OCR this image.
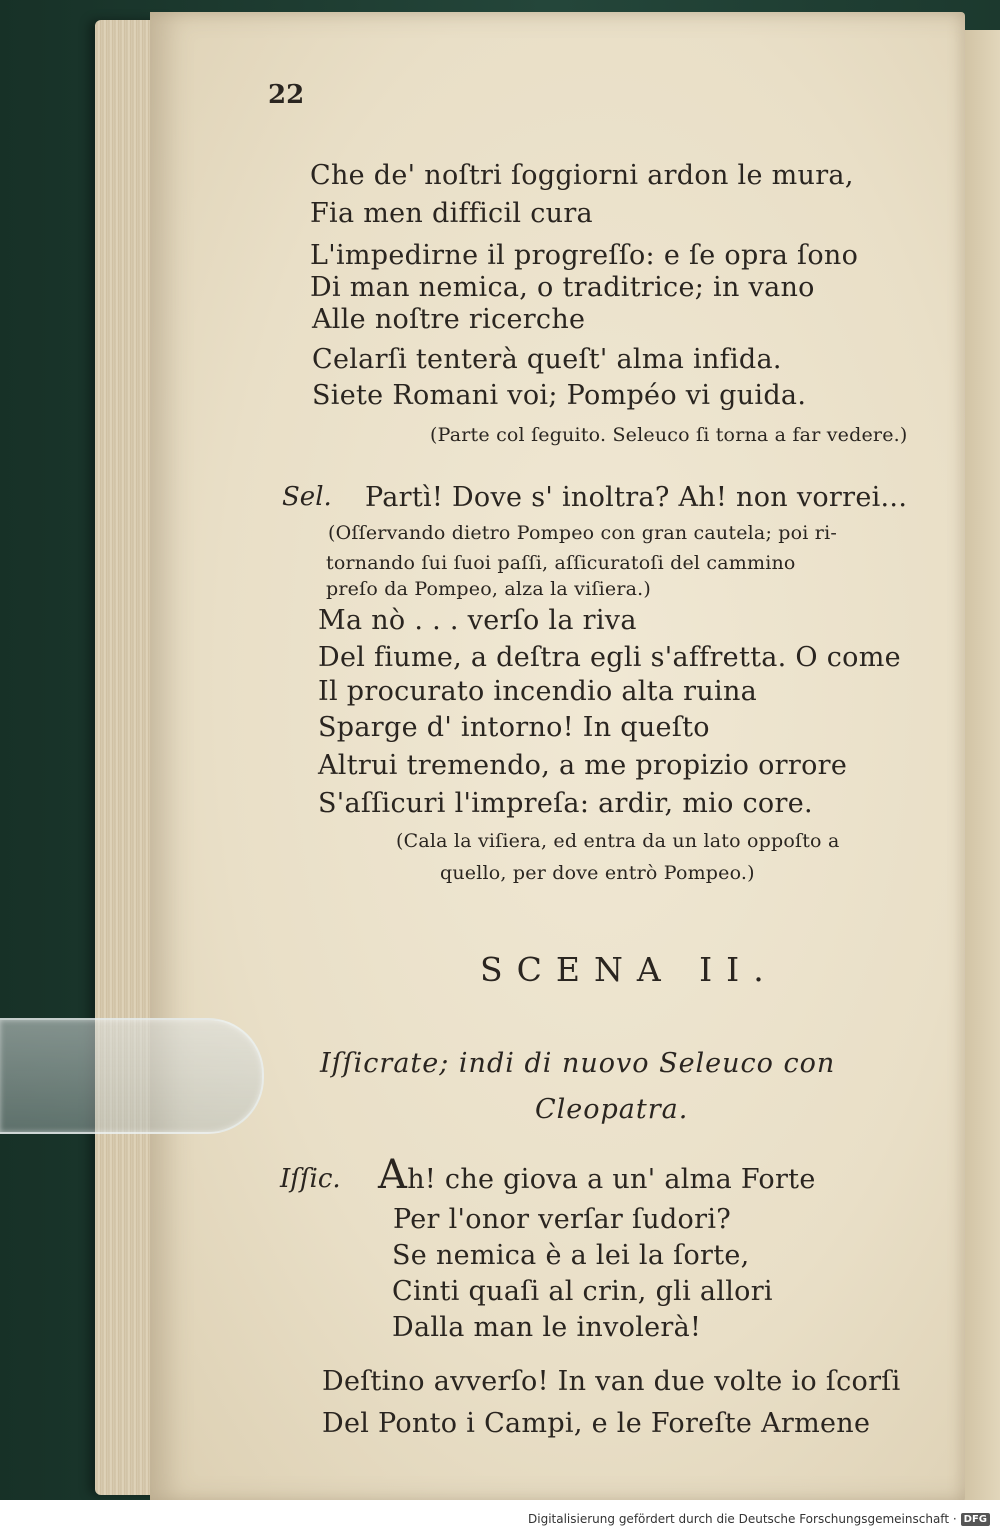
22
Che de' noſtri ſoggiorni ardon le mura,
Fia men difficil cura
L'impedirne il progreſſo: e ſe opra ſono
Di man nemica, o traditrice; in vano
Alle noſtre ricerche
Celarſi tenterà queſt' alma infida.
Siete Romani voi; Pompéo vi guida.
(Parte col ſeguito. Seleuco ſi torna a far vedere.)
Sel. Partì! Dove s' inoltra? Ah! non vorrei...
(Oſſervando dietro Pompeo con gran cautela; poi ri-
tornando ſui ſuoi paſſi, aſſicuratoſi del cammino
preſo da Pompeo, alza la viſiera.)
Ma nò . . . verſo la riva
Del fiume, a deſtra egli s'affretta. O come
Il procurato incendio alta ruina
Sparge d' intorno! In queſto
Altrui tremendo, a me propizio orrore
S'aſſicuri l'impreſa: ardir, mio core.
(Cala la viſiera, ed entra da un lato oppoſto a
quello, per dove entrò Pompeo.)
SCENA II.
Iſſicrate; indi di nuovo Seleuco con
Cleopatra.
Iſſic. Ah! che giova a un' alma Forte
Per l'onor verſar ſudori?
Se nemica è a lei la ſorte,
Cinti quaſi al crin, gli allori
Dalla man le involerà!
Deſtino avverſo! In van due volte io ſcorſi
Del Ponto i Campi, e le Foreſte Armene
Digitalisierung gefördert durch die Deutsche Forschungsgemeinschaft · DFG
